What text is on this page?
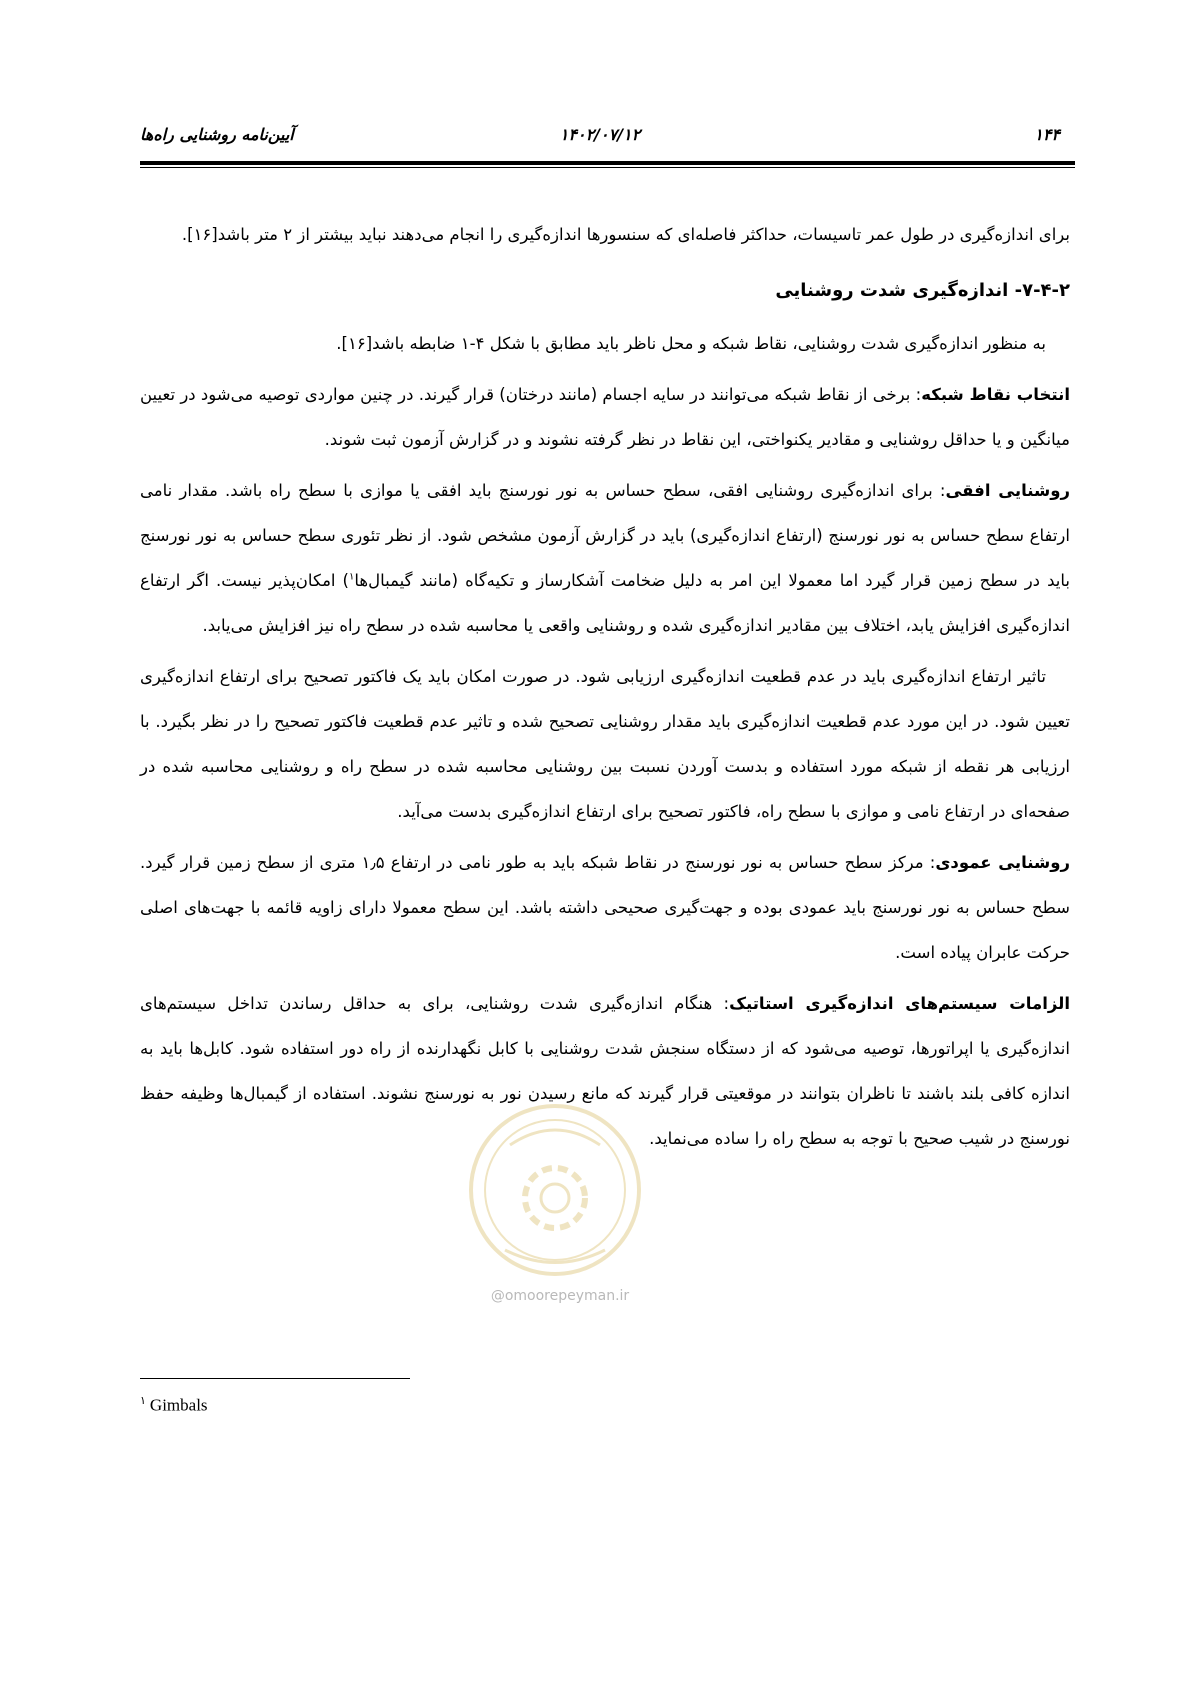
۱۴۴
۱۴۰۲/۰۷/۱۲
آیین‌نامه روشنایی راه‌ها

برای اندازه‌گیری در طول عمر تاسیسات، حداکثر فاصله‌ای که سنسورها اندازه‌گیری را انجام می‌دهند نباید بیشتر از ۲ متر باشد[۱۶].

۷-۴-۲- اندازه‌گیری شدت روشنایی

به منظور اندازه‌گیری شدت روشنایی، نقاط شبکه و محل ناظر باید مطابق با شکل ۴-۱ ضابطه باشد[۱۶].

انتخاب نقاط شبکه: برخی از نقاط شبکه می‌توانند در سایه اجسام (مانند درختان) قرار گیرند. در چنین مواردی توصیه می‌شود در تعیین میانگین و یا حداقل روشنایی و مقادیر یکنواختی، این نقاط در نظر گرفته نشوند و در گزارش آزمون ثبت شوند.

روشنایی افقی: برای اندازه‌گیری روشنایی افقی، سطح حساس به نور نورسنج باید افقی یا موازی با سطح راه باشد. مقدار نامی ارتفاع سطح حساس به نور نورسنج (ارتفاع اندازه‌گیری) باید در گزارش آزمون مشخص شود. از نظر تئوری سطح حساس به نور نورسنج باید در سطح زمین قرار گیرد اما معمولا این امر به دلیل ضخامت آشکارساز و تکیه‌گاه (مانند گیمبال‌ها$^۱$) امکان‌پذیر نیست. اگر ارتفاع اندازه‌گیری افزایش یابد، اختلاف بین مقادیر اندازه‌گیری شده و روشنایی واقعی یا محاسبه شده در سطح راه نیز افزایش می‌یابد.

تاثیر ارتفاع اندازه‌گیری باید در عدم قطعیت اندازه‌گیری ارزیابی شود. در صورت امکان باید یک فاکتور تصحیح برای ارتفاع اندازه‌گیری تعیین شود. در این مورد عدم قطعیت اندازه‌گیری باید مقدار روشنایی تصحیح شده و تاثیر عدم قطعیت فاکتور تصحیح را در نظر بگیرد. با ارزیابی هر نقطه از شبکه مورد استفاده و بدست آوردن نسبت بین روشنایی محاسبه شده در سطح راه و روشنایی محاسبه شده در صفحه‌ای در ارتفاع نامی و موازی با سطح راه، فاکتور تصحیح برای ارتفاع اندازه‌گیری بدست می‌آید.

روشنایی عمودی: مرکز سطح حساس به نور نورسنج در نقاط شبکه باید به طور نامی در ارتفاع ۱٫۵ متری از سطح زمین قرار گیرد. سطح حساس به نور نورسنج باید عمودی بوده و جهت‌گیری صحیحی داشته باشد. این سطح معمولا دارای زاویه قائمه با جهت‌های اصلی حرکت عابران پیاده است.

الزامات سیستم‌های اندازه‌گیری استاتیک: هنگام اندازه‌گیری شدت روشنایی، برای به حداقل رساندن تداخل سیستم‌های اندازه‌گیری یا اپراتورها، توصیه می‌شود که از دستگاه سنجش شدت روشنایی با کابل نگهدارنده از راه دور استفاده شود. کابل‌ها باید به اندازه کافی بلند باشند تا ناظران بتوانند در موقعیتی قرار گیرند که مانع رسیدن نور به نورسنج نشوند. استفاده از گیمبال‌ها وظیفه حفظ نورسنج در شیب صحیح با توجه به سطح راه را ساده می‌نماید.

@omoorepeyman.ir
$^۱$ Gimbals
